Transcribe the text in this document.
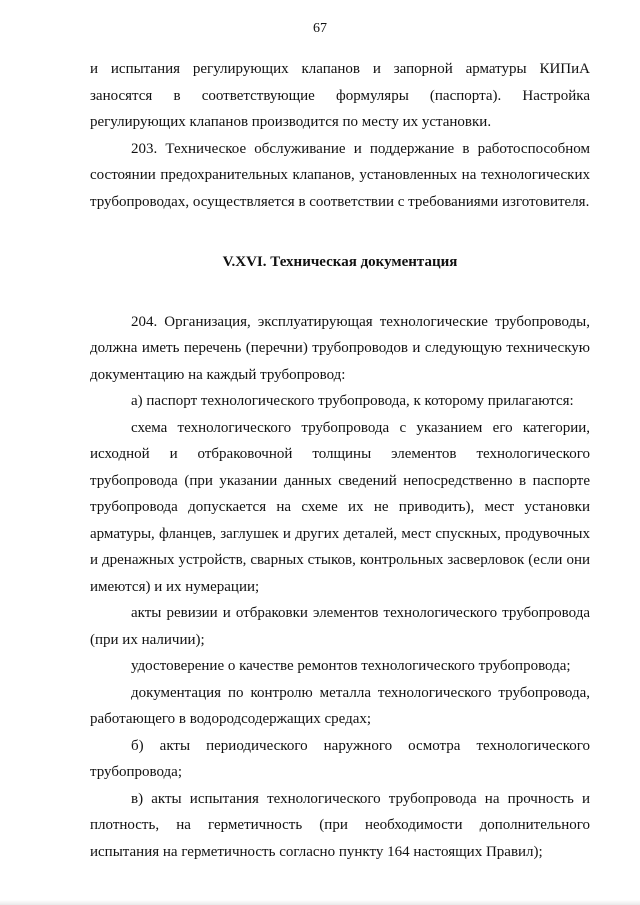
67

и испытания регулирующих клапанов и запорной арматуры КИПиА заносятся в соответствующие формуляры (паспорта). Настройка регулирующих клапанов производится по месту их установки.

203. Техническое обслуживание и поддержание в работоспособном состоянии предохранительных клапанов, установленных на технологических трубопроводах, осуществляется в соответствии с требованиями изготовителя.

V.XVI. Техническая документация

204. Организация, эксплуатирующая технологические трубопроводы, должна иметь перечень (перечни) трубопроводов и следующую техническую документацию на каждый трубопровод:

а) паспорт технологического трубопровода, к которому прилагаются:

схема технологического трубопровода с указанием его категории, исходной и отбраковочной толщины элементов технологического трубопровода (при указании данных сведений непосредственно в паспорте трубопровода допускается на схеме их не приводить), мест установки арматуры, фланцев, заглушек и других деталей, мест спускных, продувочных и дренажных устройств, сварных стыков, контрольных засверловок (если они имеются) и их нумерации;

акты ревизии и отбраковки элементов технологического трубопровода (при их наличии);

удостоверение о качестве ремонтов технологического трубопровода;

документация по контролю металла технологического трубопровода, работающего в водородсодержащих средах;

б) акты периодического наружного осмотра технологического трубопровода;

в) акты испытания технологического трубопровода на прочность и плотность, на герметичность (при необходимости дополнительного испытания на герметичность согласно пункту 164 настоящих Правил);
